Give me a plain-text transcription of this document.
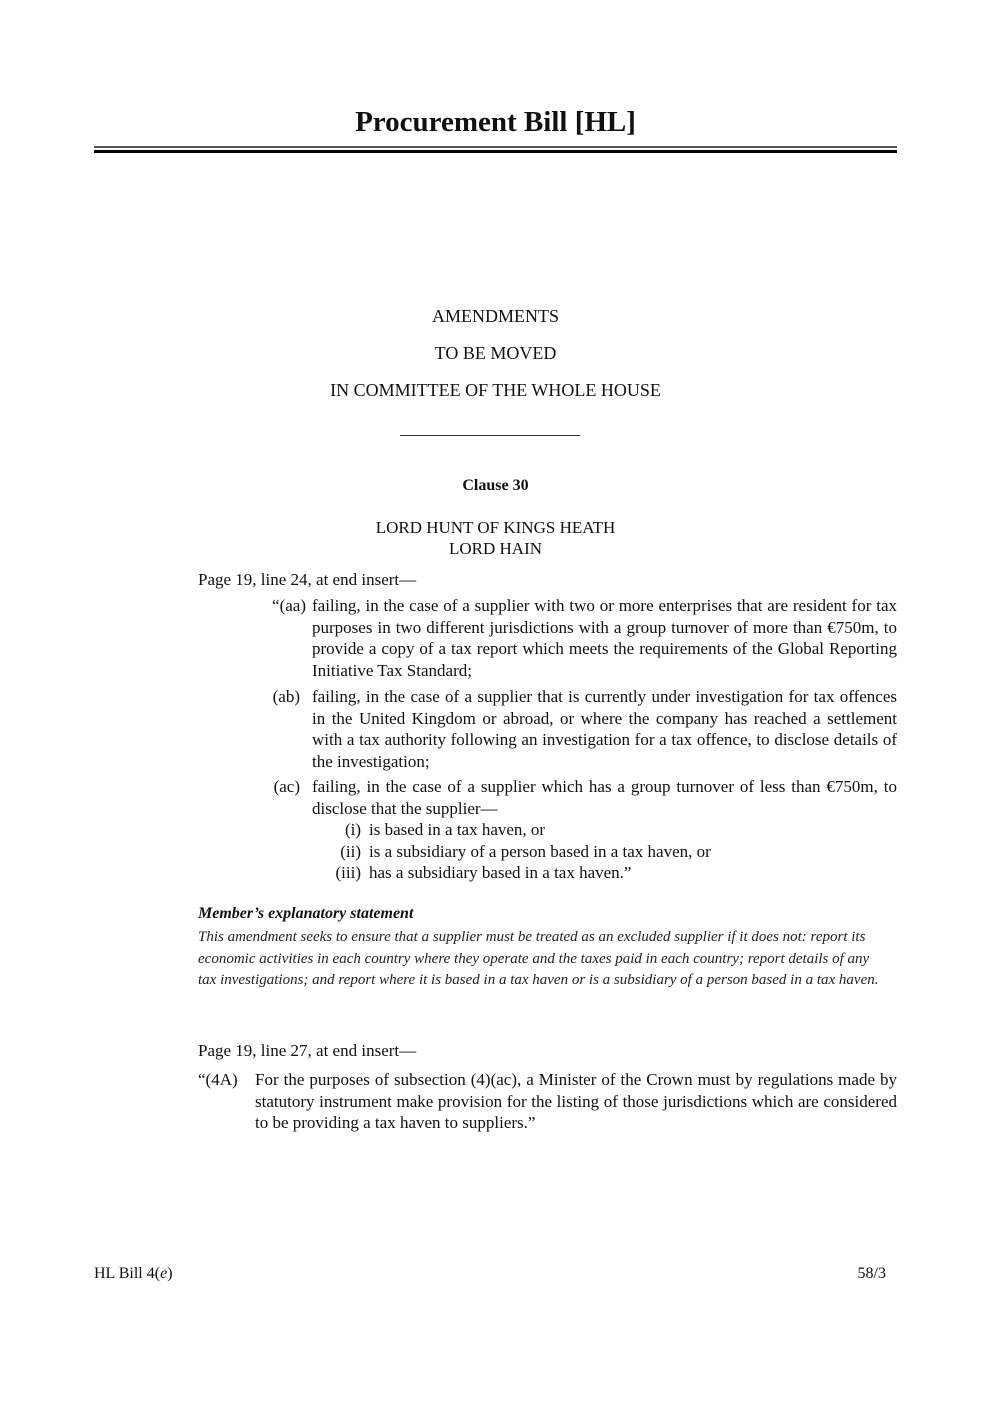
Procurement Bill [HL]
AMENDMENTS
TO BE MOVED
IN COMMITTEE OF THE WHOLE HOUSE
Clause 30
LORD HUNT OF KINGS HEATH
LORD HAIN
Page 19, line 24, at end insert—
“(aa) failing, in the case of a supplier with two or more enterprises that are resident for tax purposes in two different jurisdictions with a group turnover of more than €750m, to provide a copy of a tax report which meets the requirements of the Global Reporting Initiative Tax Standard;
(ab) failing, in the case of a supplier that is currently under investigation for tax offences in the United Kingdom or abroad, or where the company has reached a settlement with a tax authority following an investigation for a tax offence, to disclose details of the investigation;
(ac) failing, in the case of a supplier which has a group turnover of less than €750m, to disclose that the supplier—
(i) is based in a tax haven, or
(ii) is a subsidiary of a person based in a tax haven, or
(iii) has a subsidiary based in a tax haven.”
Member’s explanatory statement
This amendment seeks to ensure that a supplier must be treated as an excluded supplier if it does not: report its economic activities in each country where they operate and the taxes paid in each country; report details of any tax investigations; and report where it is based in a tax haven or is a subsidiary of a person based in a tax haven.
Page 19, line 27, at end insert—
“(4A)	For the purposes of subsection (4)(ac), a Minister of the Crown must by regulations made by statutory instrument make provision for the listing of those jurisdictions which are considered to be providing a tax haven to suppliers.”
HL Bill 4(e)	58/3
